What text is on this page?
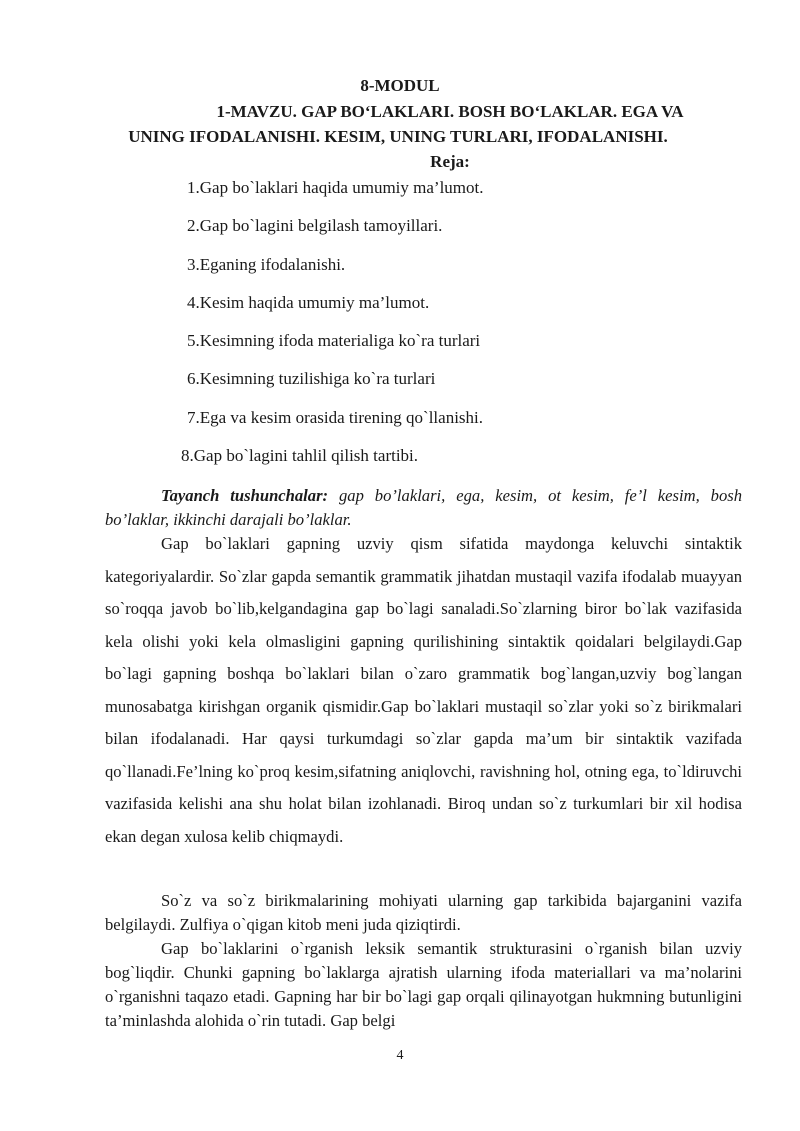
8-MODUL
1-MAVZU. GAP BO‘LAKLARI. BOSH BO‘LAKLAR. EGA VA
UNING IFODALANISHI. KESIM, UNING TURLARI, IFODALANISHI.
Reja:
1.Gap bo`laklari haqida umumiy ma’lumot.
2.Gap bo`lagini belgilash tamoyillari.
3.Eganing ifodalanishi.
4.Kesim haqida umumiy ma’lumot.
5.Kesimning ifoda materialiga ko`ra turlari
6.Kesimning tuzilishiga ko`ra turlari
7.Ega va kesim orasida tirening qo`llanishi.
8.Gap bo`lagini tahlil qilish tartibi.

Tayanch tushunchalar: gap bo’laklari, ega, kesim, ot kesim, fe’l kesim, bosh bo’laklar, ikkinchi darajali bo’laklar.

Gap bo`laklari gapning uzviy qism sifatida maydonga keluvchi sintaktik kategoriyalardir. So`zlar gapda semantik grammatik jihatdan mustaqil vazifa ifodalab muayyan so`roqqa javob bo`lib,kelgandagina gap bo`lagi sanaladi.So`zlarning biror bo`lak vazifasida kela olishi yoki kela olmasligini gapning qurilishining sintaktik qoidalari belgilaydi.Gap bo`lagi gapning boshqa bo`laklari bilan o`zaro grammatik bog`langan,uzviy bog`langan munosabatga kirishgan organik qismidir.Gap bo`laklari mustaqil so`zlar yoki so`z birikmalari bilan ifodalanadi. Har qaysi turkumdagi so`zlar gapda ma’um bir sintaktik vazifada qo`llanadi.Fe’lning ko`proq kesim,sifatning aniqlovchi, ravishning hol, otning ega, to`ldiruvchi vazifasida kelishi ana shu holat bilan izohlanadi. Biroq undan so`z turkumlari bir xil hodisa ekan degan xulosa kelib chiqmaydi.

So`z va so`z birikmalarining mohiyati ularning gap tarkibida bajarganini vazifa belgilaydi. Zulfiya o`qigan kitob meni juda qiziqtirdi.

Gap bo`laklarini o`rganish leksik semantik strukturasini o`rganish bilan uzviy bog`liqdir. Chunki gapning bo`laklarga ajratish ularning ifoda materiallari va ma’nolarini o`rganishni taqazo etadi. Gapning har bir bo`lagi gap orqali qilinayotgan hukmning butunligini ta’minlashda alohida o`rin tutadi. Gap belgi

4
